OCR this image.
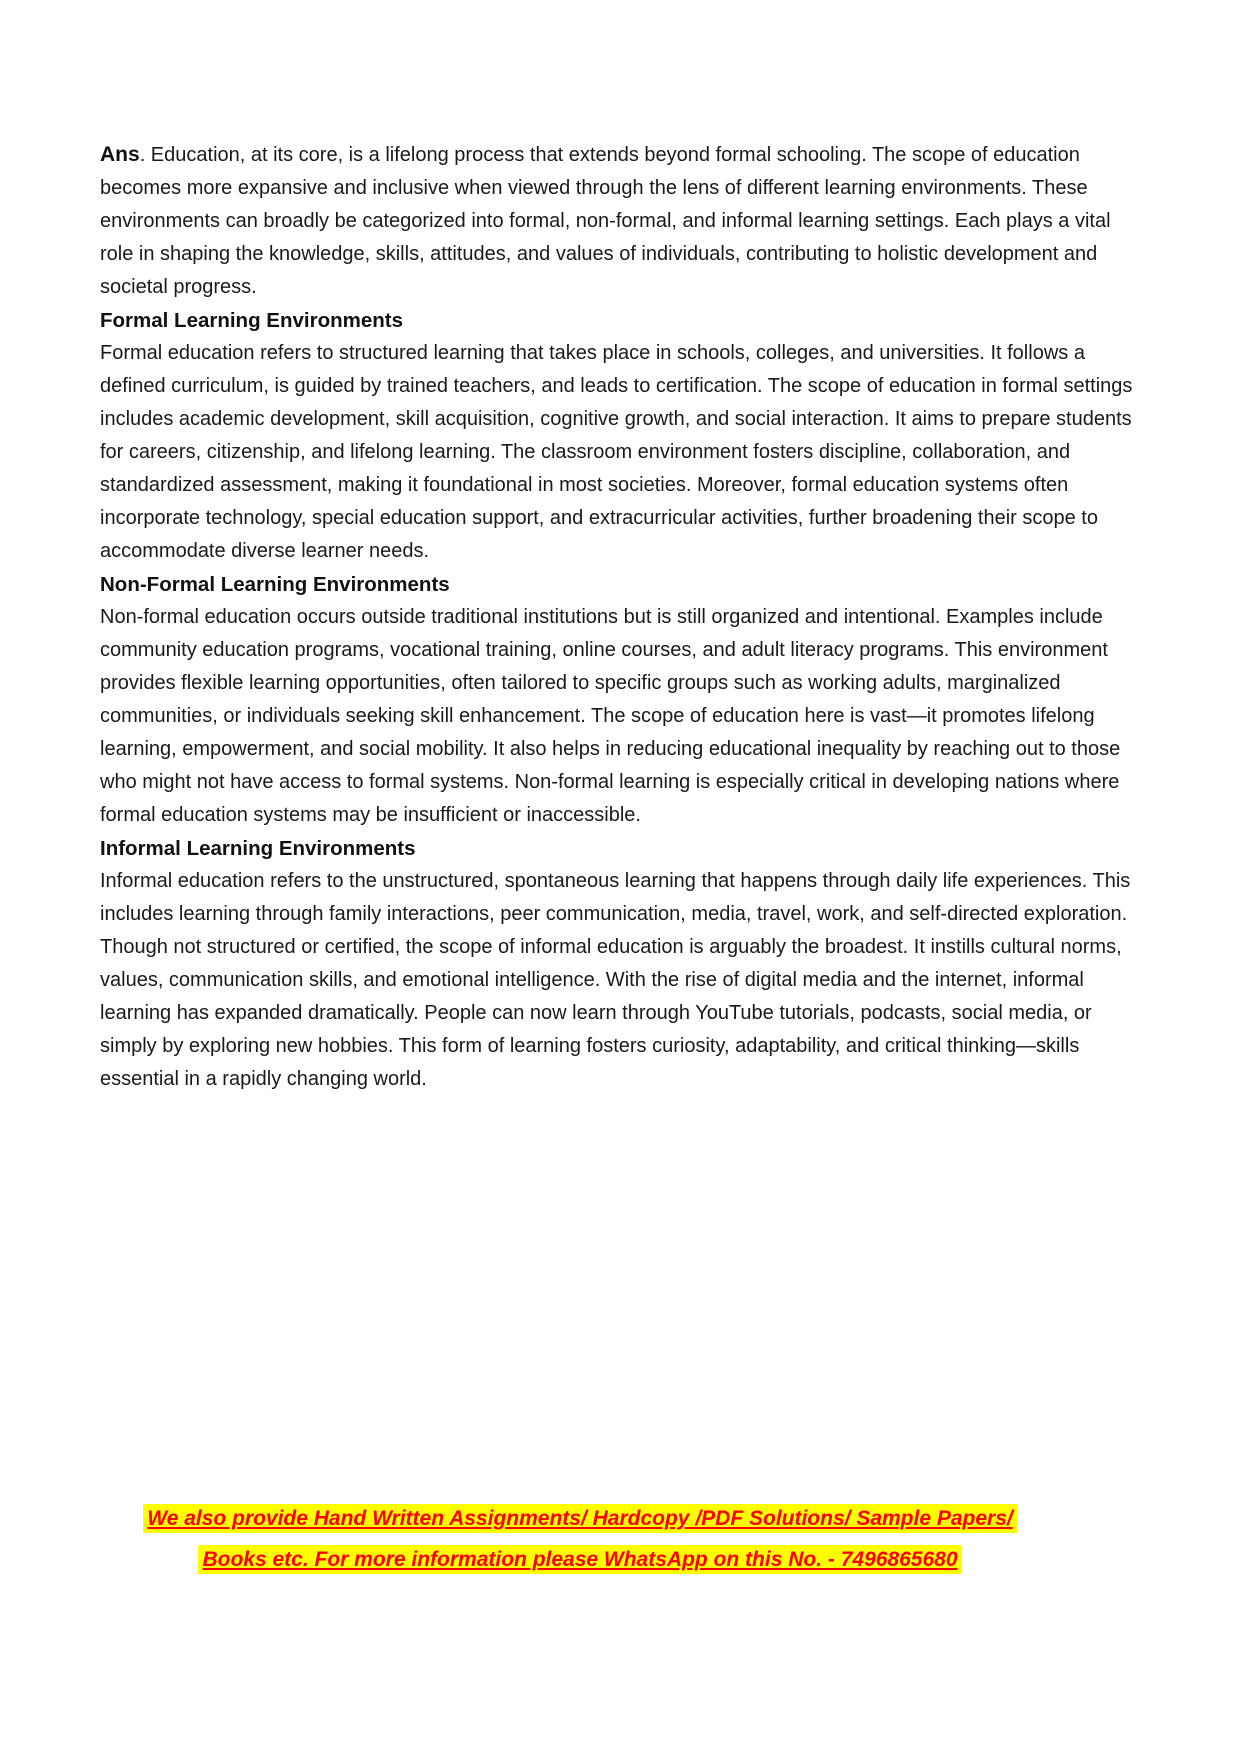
Ans. Education, at its core, is a lifelong process that extends beyond formal schooling. The scope of education becomes more expansive and inclusive when viewed through the lens of different learning environments. These environments can broadly be categorized into formal, non-formal, and informal learning settings. Each plays a vital role in shaping the knowledge, skills, attitudes, and values of individuals, contributing to holistic development and societal progress.

Formal Learning Environments

Formal education refers to structured learning that takes place in schools, colleges, and universities. It follows a defined curriculum, is guided by trained teachers, and leads to certification. The scope of education in formal settings includes academic development, skill acquisition, cognitive growth, and social interaction. It aims to prepare students for careers, citizenship, and lifelong learning. The classroom environment fosters discipline, collaboration, and standardized assessment, making it foundational in most societies. Moreover, formal education systems often incorporate technology, special education support, and extracurricular activities, further broadening their scope to accommodate diverse learner needs.

Non-Formal Learning Environments

Non-formal education occurs outside traditional institutions but is still organized and intentional. Examples include community education programs, vocational training, online courses, and adult literacy programs. This environment provides flexible learning opportunities, often tailored to specific groups such as working adults, marginalized communities, or individuals seeking skill enhancement. The scope of education here is vast—it promotes lifelong learning, empowerment, and social mobility. It also helps in reducing educational inequality by reaching out to those who might not have access to formal systems. Non-formal learning is especially critical in developing nations where formal education systems may be insufficient or inaccessible.

Informal Learning Environments

Informal education refers to the unstructured, spontaneous learning that happens through daily life experiences. This includes learning through family interactions, peer communication, media, travel, work, and self-directed exploration. Though not structured or certified, the scope of informal education is arguably the broadest. It instills cultural norms, values, communication skills, and emotional intelligence. With the rise of digital media and the internet, informal learning has expanded dramatically. People can now learn through YouTube tutorials, podcasts, social media, or simply by exploring new hobbies. This form of learning fosters curiosity, adaptability, and critical thinking—skills essential in a rapidly changing world.

We also provide Hand Written Assignments/ Hardcopy /PDF Solutions/ Sample Papers/
Books etc. For more information please WhatsApp on this No. - 7496865680
